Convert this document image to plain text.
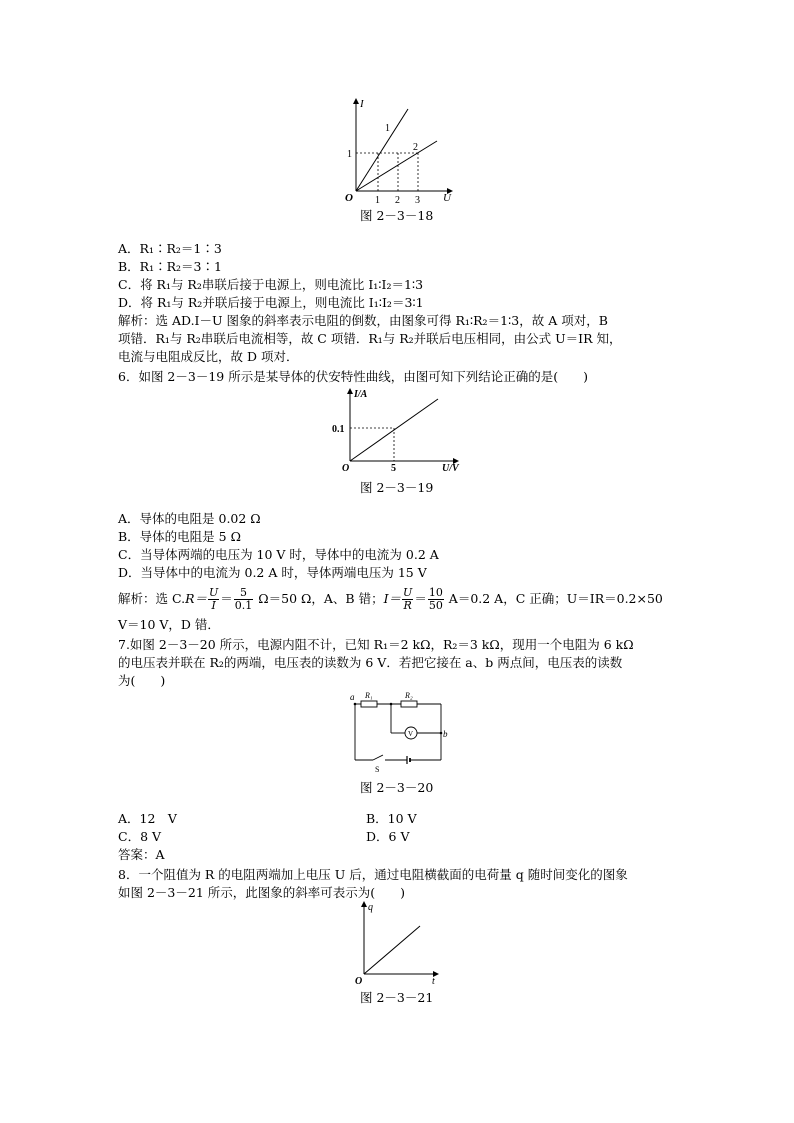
I
U
O
1
2
1
1 2 3
图 2－3－18
A．R₁∶R₂＝1∶3
B．R₁∶R₂＝3∶1
C．将 R₁与 R₂串联后接于电源上，则电流比 I₁∶I₂＝1∶3
D．将 R₁与 R₂并联后接于电源上，则电流比 I₁∶I₂＝3∶1
解析：选 AD.I－U 图象的斜率表示电阻的倒数，由图象可得 R₁∶R₂＝1∶3，故 A 项对，B
项错．R₁与 R₂串联后电流相等，故 C 项错．R₁与 R₂并联后电压相同，由公式 U＝IR 知，
电流与电阻成反比，故 D 项对．
6．如图 2－3－19 所示是某导体的伏安特性曲线，由图可知下列结论正确的是(　　)
I/A
U/V
O
0.1
5
图 2－3－19
A．导体的电阻是 0.02 Ω
B．导体的电阻是 5 Ω
C．当导体两端的电压为 10 V 时，导体中的电流为 0.2 A
D．当导体中的电流为 0.2 A 时，导体两端电压为 15 V
解析：选 $C.R= \frac{U}{I} = \frac{5}{0.1} \Omega=50$ Ω，A、B 错；$I= \frac{U}{R} = \frac{10}{50} A=0.2$ A，C 正确；U＝IR＝0.2×50
V＝10 V，D 错．
7.如图 2－3－20 所示，电源内阻不计，已知 R₁＝2 kΩ，R₂＝3 kΩ，现用一个电阻为 6 kΩ
的电压表并联在 R₂的两端，电压表的读数为 6 V．若把它接在 a、b 两点间，电压表的读数
为(　　)
a R₁	R₂
V	b
S
图 2－3－20
A．12　V	B．10 V
C．8 V	D．6 V
答案：A
8．一个阻值为 R 的电阻两端加上电压 U 后，通过电阻横截面的电荷量 q 随时间变化的图象
如图 2－3－21 所示，此图象的斜率可表示为(　　)
q
t
O
图 2－3－21
